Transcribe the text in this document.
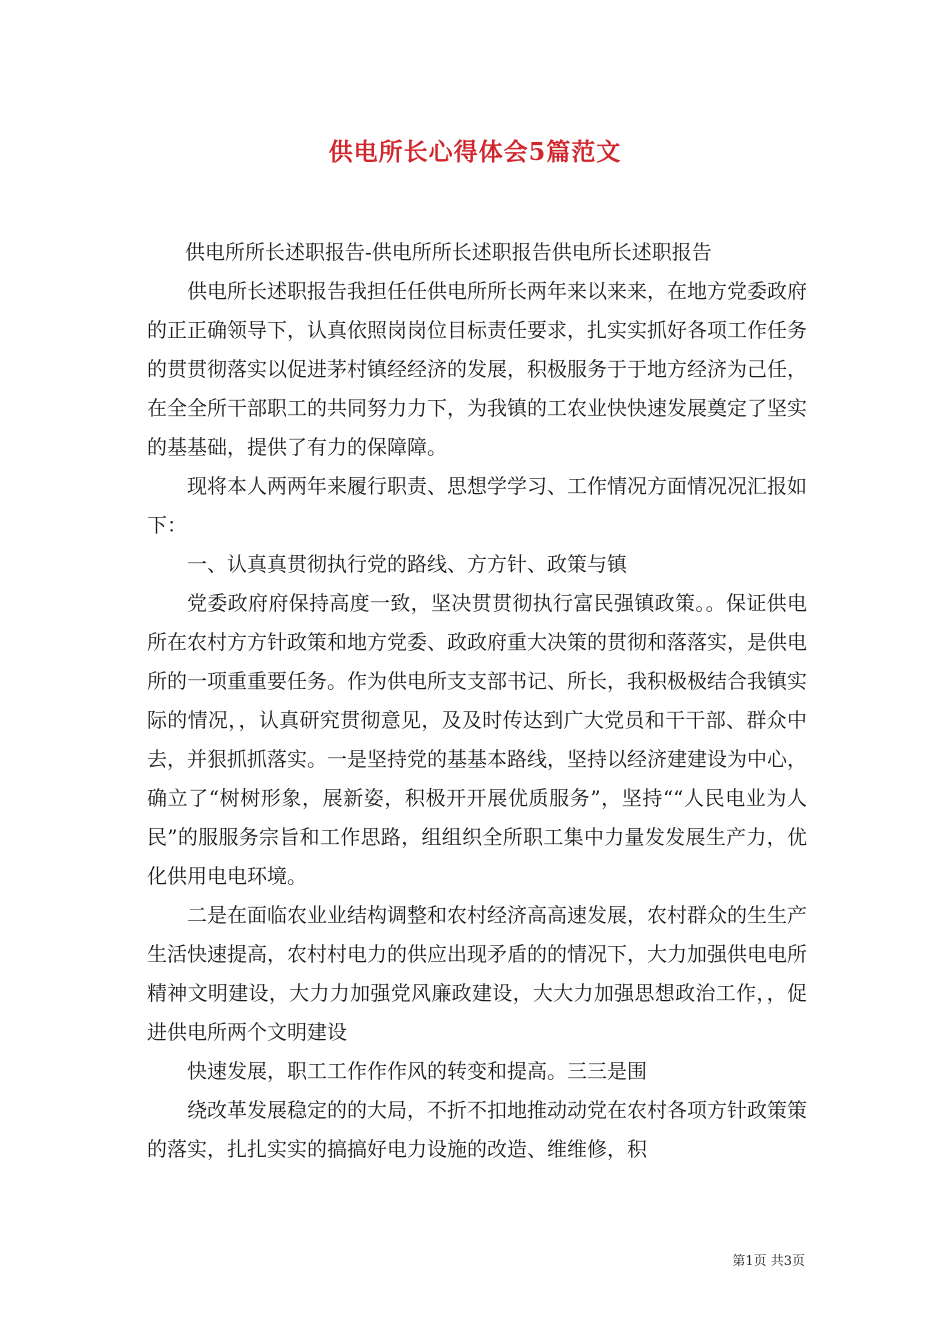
供电所长心得体会5篇范文

供电所所长述职报告-供电所所长述职报告供电所长述职报告

供电所长述职报告我担任任供电所所长两年来以来来，在地方党委政府的正正确领导下，认真依照岗岗位目标责任要求，扎实实抓好各项工作任务的贯贯彻落实以促进茅村镇经经济的发展，积极服务于于地方经济为己任，在全全所干部职工的共同努力力下，为我镇的工农业快快速发展奠定了坚实的基基础，提供了有力的保障障。

现将本人两两年来履行职责、思想学学习、工作情况方面情况况汇报如下：

一、认真真贯彻执行党的路线、方方针、政策与镇

党委政府府保持高度一致，坚决贯贯彻执行富民强镇政策。。保证供电所在农村方方针政策和地方党委、政政府重大决策的贯彻和落落实，是供电所的一项重重要任务。作为供电所支支部书记、所长，我积极极结合我镇实际的情况，，认真研究贯彻意见，及及时传达到广大党员和干干部、群众中去，并狠抓抓落实。一是坚持党的基基本路线，坚持以经济建建设为中心，确立了“树树形象，展新姿，积极开开展优质服务”，坚持““人民电业为人民”的服服务宗旨和工作思路，组组织全所职工集中力量发发展生产力，优化供用电电环境。

二是在面临农业业结构调整和农村经济高高速发展，农村群众的生生产生活快速提高，农村村电力的供应出现矛盾的的情况下，大力加强供电电所精神文明建设，大力力加强党风廉政建设，大大力加强思想政治工作，，促进供电所两个文明建设

快速发展，职工工作作作风的转变和提高。三三是围

绕改革发展稳定的的大局，不折不扣地推动动党在农村各项方针政策策的落实，扎扎实实的搞搞好电力设施的改造、维维修，积

第1页 共3页
